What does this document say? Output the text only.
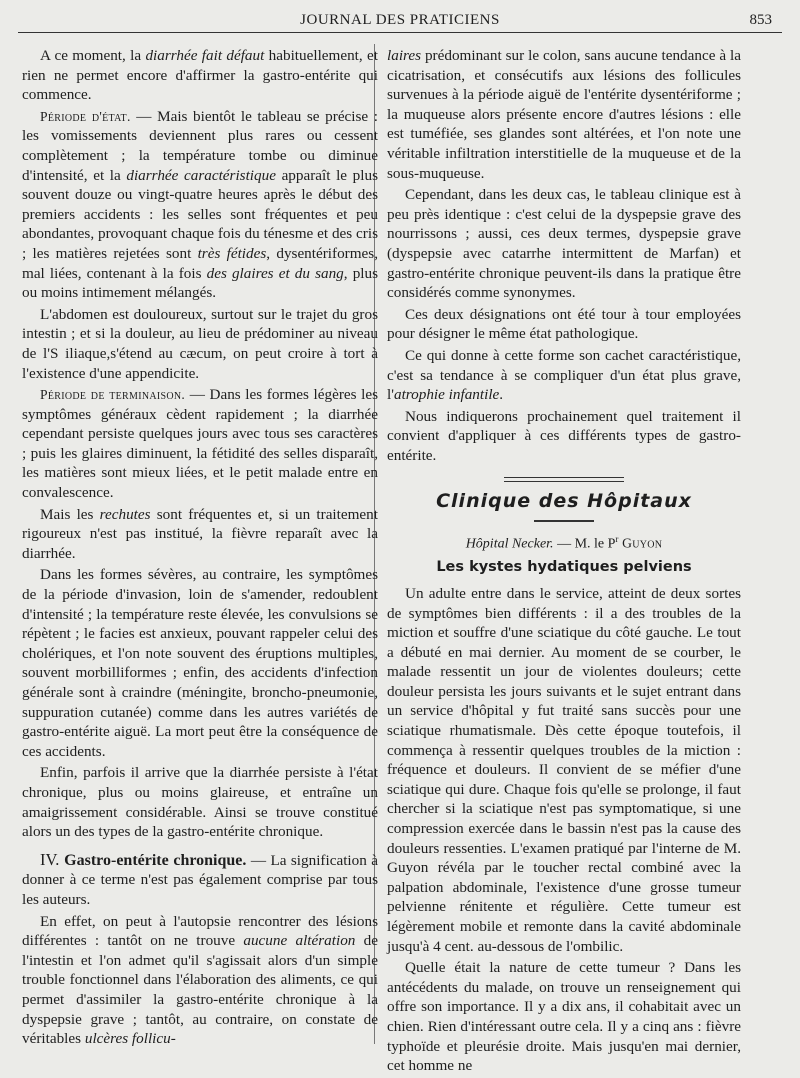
JOURNAL DES PRATICIENS	853

A ce moment, la diarrhée fait défaut habituellement, et rien ne permet encore d'affirmer la gastro-entérite qui commence.

Période d'état. — Mais bientôt le tableau se précise : les vomissements deviennent plus rares ou cessent complètement ; la température tombe ou diminue d'intensité, et la diarrhée caractéristique apparaît le plus souvent douze ou vingt-quatre heures après le début des premiers accidents : les selles sont fréquentes et peu abondantes, provoquant chaque fois du ténesme et des cris ; les matières rejetées sont très fétides, dysentériformes, mal liées, contenant à la fois des glaires et du sang, plus ou moins intimement mélangés.

L'abdomen est douloureux, surtout sur le trajet du gros intestin ; et si la douleur, au lieu de prédominer au niveau de l'S iliaque,s'étend au cæcum, on peut croire à tort à l'existence d'une appendicite.

Période de terminaison. — Dans les formes légères les symptômes généraux cèdent rapidement ; la diarrhée cependant persiste quelques jours avec tous ses caractères ; puis les glaires diminuent, la fétidité des selles disparaît, les matières sont mieux liées, et le petit malade entre en convalescence.

Mais les rechutes sont fréquentes et, si un traitement rigoureux n'est pas institué, la fièvre reparaît avec la diarrhée.

Dans les formes sévères, au contraire, les symptômes de la période d'invasion, loin de s'amender, redoublent d'intensité ; la température reste élevée, les convulsions se répètent ; le facies est anxieux, pouvant rappeler celui des cholériques, et l'on note souvent des éruptions multiples, souvent morbilliformes ; enfin, des accidents d'infection générale sont à craindre (méningite, broncho-pneumonie, suppuration cutanée) comme dans les autres variétés de gastro-entérite aiguë. La mort peut être la conséquence de ces accidents.

Enfin, parfois il arrive que la diarrhée persiste à l'état chronique, plus ou moins glaireuse, et entraîne un amaigrissement considérable. Ainsi se trouve constitué alors un des types de la gastro-entérite chronique.

IV. Gastro-entérite chronique. — La signification à donner à ce terme n'est pas également comprise par tous les auteurs.

En effet, on peut à l'autopsie rencontrer des lésions différentes : tantôt on ne trouve aucune altération de l'intestin et l'on admet qu'il s'agissait alors d'un simple trouble fonctionnel dans l'élaboration des aliments, ce qui permet d'assimiler la gastro-entérite chronique à la dyspepsie grave ; tantôt, au contraire, on constate de véritables ulcères follicu-

laires prédominant sur le colon, sans aucune tendance à la cicatrisation, et consécutifs aux lésions des follicules survenues à la période aiguë de l'entérite dysentériforme ; la muqueuse alors présente encore d'autres lésions : elle est tuméfiée, ses glandes sont altérées, et l'on note une véritable infiltration interstitielle de la muqueuse et de la sous-muqueuse.

Cependant, dans les deux cas, le tableau clinique est à peu près identique : c'est celui de la dyspepsie grave des nourrissons ; aussi, ces deux termes, dyspepsie grave (dyspepsie avec catarrhe intermittent de Marfan) et gastro-entérite chronique peuvent-ils dans la pratique être considérés comme synonymes.

Ces deux désignations ont été tour à tour employées pour désigner le même état pathologique.

Ce qui donne à cette forme son cachet caractéristique, c'est sa tendance à se compliquer d'un état plus grave, l'atrophie infantile.

Nous indiquerons prochainement quel traitement il convient d'appliquer à ces différents types de gastro-entérite.

Clinique des Hôpitaux
Hôpital Necker. — M. le $P^r$ Guyon
Les kystes hydatiques pelviens

Un adulte entre dans le service, atteint de deux sortes de symptômes bien différents : il a des troubles de la miction et souffre d'une sciatique du côté gauche. Le tout a débuté en mai dernier. Au moment de se courber, le malade ressentit un jour de violentes douleurs; cette douleur persista les jours suivants et le sujet entrant dans un service d'hôpital y fut traité sans succès pour une sciatique rhumatismale. Dès cette époque toutefois, il commença à ressentir quelques troubles de la miction : fréquence et douleurs. Il convient de se méfier d'une sciatique qui dure. Chaque fois qu'elle se prolonge, il faut chercher si la sciatique n'est pas symptomatique, si une compression exercée dans le bassin n'est pas la cause des douleurs ressenties. L'examen pratiqué par l'interne de M. Guyon révéla par le toucher rectal combiné avec la palpation abdominale, l'existence d'une grosse tumeur pelvienne rénitente et régulière. Cette tumeur est légèrement mobile et remonte dans la cavité abdominale jusqu'à 4 cent. au-dessous de l'ombilic.

Quelle était la nature de cette tumeur ? Dans les antécédents du malade, on trouve un renseignement qui offre son importance. Il y a dix ans, il cohabitait avec un chien. Rien d'intéressant outre cela. Il y a cinq ans : fièvre typhoïde et pleurésie droite. Mais jusqu'en mai dernier, cet homme ne
